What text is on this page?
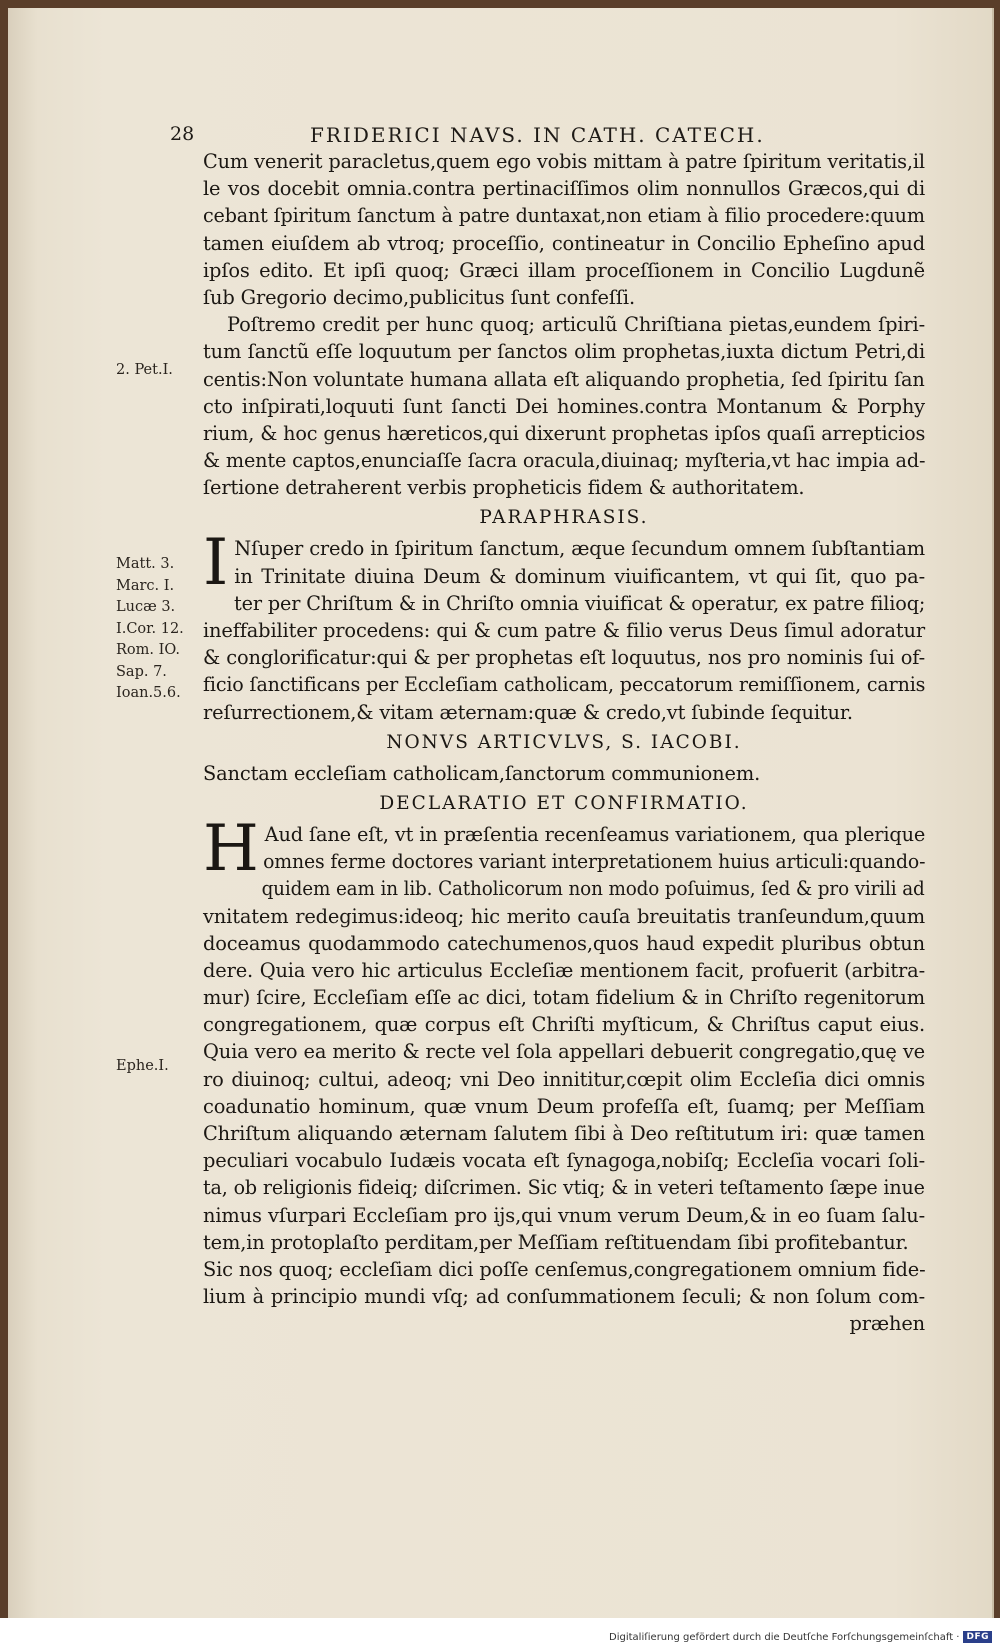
28	FRIDERICI NAVS. IN CATH. CATECH.
2. Pet.I.
Matt. 3.
Marc. I.
Lucæ 3.
I.Cor. 12.
Rom. IO.
Sap. 7.
Ioan.5.6.
Ephe.I.
Cum venerit paracletus,quem ego vobis mittam à patre ſpiritum veritatis,il
le vos docebit omnia.contra pertinaciſſimos olim nonnullos Græcos,qui di
cebant ſpiritum ſanctum à patre duntaxat,non etiam à filio procedere:quum
tamen eiuſdem ab vtroq; proceſſio, contineatur in Concilio Epheſino apud
ipſos edito. Et ipſi quoq; Græci illam proceſſionem in Concilio Lugdunẽ
ſub Gregorio decimo,publicitus ſunt confeſſi.
Poſtremo credit per hunc quoq; articulũ Chriſtiana pietas,eundem ſpiri-
tum ſanctũ eſſe loquutum per ſanctos olim prophetas,iuxta dictum Petri,di
centis:Non voluntate humana allata eſt aliquando prophetia, ſed ſpiritu ſan
cto inſpirati,loquuti ſunt ſancti Dei homines.contra Montanum & Porphy
rium, & hoc genus hæreticos,qui dixerunt prophetas ipſos quaſi arrepticios
& mente captos,enunciaſſe ſacra oracula,diuinaq; myſteria,vt hac impia ad-
ſertione detraherent verbis propheticis fidem & authoritatem.
PARAPHRASIS.
I Nſuper credo in ſpiritum ſanctum, æque ſecundum omnem ſubſtantiam
in Trinitate diuina Deum & dominum viuificantem, vt qui ſit, quo pa-
ter per Chriſtum & in Chriſto omnia viuificat & operatur, ex patre filioq;
ineffabiliter procedens: qui & cum patre & filio verus Deus ſimul adoratur
& conglorificatur:qui & per prophetas eſt loquutus, nos pro nominis ſui of-
ficio ſanctificans per Eccleſiam catholicam, peccatorum remiſſionem, carnis
reſurrectionem,& vitam æternam:quæ & credo,vt ſubinde ſequitur.
NONVS ARTICVLVS, S. IACOBI.
Sanctam eccleſiam catholicam,ſanctorum communionem.
DECLARATIO ET CONFIRMATIO.
H Aud ſane eſt, vt in præſentia recenſeamus variationem, qua plerique
omnes ferme doctores variant interpretationem huius articuli:quando-
quidem eam in lib. Catholicorum non modo poſuimus, ſed & pro virili ad
vnitatem redegimus:ideoq; hic merito cauſa breuitatis tranſeundum,quum
doceamus quodammodo catechumenos,quos haud expedit pluribus obtun
dere. Quia vero hic articulus Eccleſiæ mentionem facit, profuerit (arbitra-
mur) ſcire, Eccleſiam eſſe ac dici, totam fidelium & in Chriſto regenitorum
congregationem, quæ corpus eſt Chriſti myſticum, & Chriſtus caput eius.
Quia vero ea merito & recte vel ſola appellari debuerit congregatio,quę ve
ro diuinoq; cultui, adeoq; vni Deo innititur,cœpit olim Eccleſia dici omnis
coadunatio hominum, quæ vnum Deum profeſſa eſt, ſuamq; per Meſſiam
Chriſtum aliquando æternam ſalutem ſibi à Deo reſtitutum iri: quæ tamen
peculiari vocabulo Iudæis vocata eſt ſynagoga,nobiſq; Eccleſia vocari ſoli-
ta, ob religionis fideiq; diſcrimen. Sic vtiq; & in veteri teſtamento ſæpe inue
nimus vſurpari Eccleſiam pro ijs,qui vnum verum Deum,& in eo ſuam ſalu-
tem,in protoplaſto perditam,per Meſſiam reſtituendam ſibi profitebantur.
Sic nos quoq; eccleſiam dici poſſe cenſemus,congregationem omnium fide-
lium à principio mundi vſq; ad conſummationem ſeculi; & non ſolum com-
præhen
Digitaliſierung gefördert durch die Deutſche Forſchungsgemeinſchaft · DFG
